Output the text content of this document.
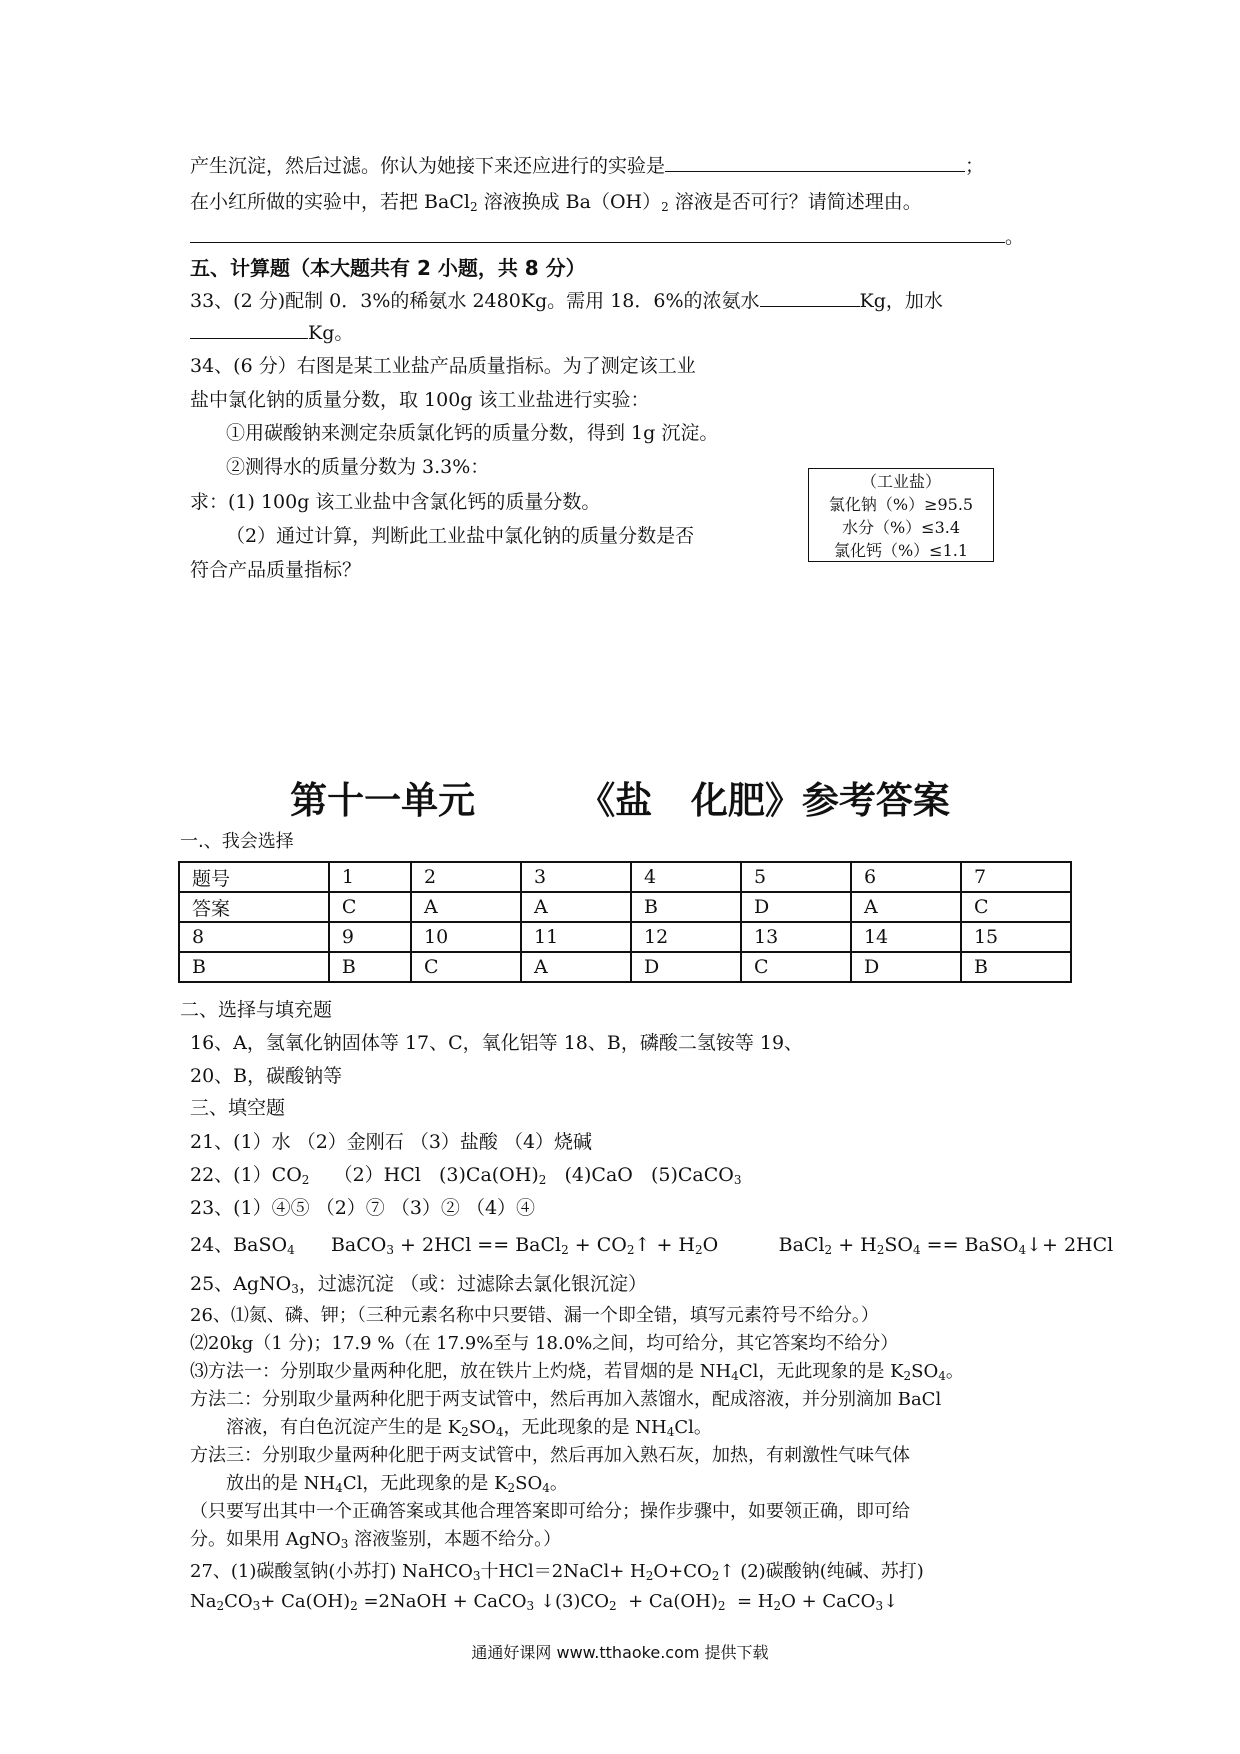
产生沉淀，然后过滤。你认为她接下来还应进行的实验是	；
在小红所做的实验中，若把 BaCl$_2$ 溶液换成 $Ba(OH)_2$ 溶液是否可行？请简述理由。
。
五、计算题（本大题共有 2 小题，共 8 分）
33、(2 分)配制 0．3%的稀氨水 2480Kg。需用 18．6%的浓氨水	Kg，加水
Kg。
34、(6 分）右图是某工业盐产品质量指标。为了测定该工业
盐中氯化钠的质量分数，取 100g 该工业盐进行实验：
①用碳酸钠来测定杂质氯化钙的质量分数，得到 1g 沉淀。
②测得水的质量分数为 3.3%：
求：(1) 100g 该工业盐中含氯化钙的质量分数。
（2）通过计算，判断此工业盐中氯化钠的质量分数是否
符合产品质量指标？
（工业盐）
氯化钠（%）≥95.5
水分（%）≤3.4
氯化钙（%）≤1.1
第十一单元        《盐   化肥》参考答案
一.、我会选择
题号	1	2	3	4	5	6	7
答案	C	A	A	B	D	A	C
8	9	10	11	12	13	14	15
B	B	C	A	D	C	D	B
二、选择与填充题
16、A，氢氧化钠固体等 17、C，氧化铝等 18、B，磷酸二氢铵等 19、
20、B，碳酸钠等
三、填空题
21、(1）水 （2）金刚石 （3）盐酸 （4）烧碱
22、$(1)CO_2$    （2）HCl   $(3)Ca(OH)_2$   (4)CaO   (5)CaCO$_3$
23、(1）④⑤ （2）⑦ （3）② （4）④
24、BaSO$_4$      BaCO$_3$ + 2HCl == BaCl$_2$ + $CO_2↑ + H_2O$          BaCl$_2$ + $H_2SO_4$ == BaSO$_4$↓+ 2HCl
25、AgNO$_3$，过滤沉淀 （或：过滤除去氯化银沉淀）
26、⑴氮、磷、钾；（三种元素名称中只要错、漏一个即全错，填写元素符号不给分。）
⑵20kg（1 分)；17.9 %（在 17.9%至与 18.0%之间，均可给分，其它答案均不给分）
⑶方法一：分别取少量两种化肥，放在铁片上灼烧，若冒烟的是 $NH_4Cl$，无此现象的是 $K_2SO_4$。
方法二：分别取少量两种化肥于两支试管中，然后再加入蒸馏水，配成溶液，并分别滴加 BaCl
溶液，有白色沉淀产生的是 $K_2SO_4$，无此现象的是 $NH_4Cl$。
方法三：分别取少量两种化肥于两支试管中，然后再加入熟石灰，加热，有刺激性气味气体
放出的是 $NH_4Cl$，无此现象的是 $K_2SO_4$。
（只要写出其中一个正确答案或其他合理答案即可给分；操作步骤中，如要领正确，即可给
分。如果用 AgNO$_3$ 溶液鉴别，本题不给分。）
27、(1)碳酸氢钠(小苏打) NaHCO$_3$十HCl＝2NaCl+ $H_2O+CO_2↑$ (2)碳酸钠(纯碱、苏打)
$Na_2CO_3+ Ca(OH)_2$ =2NaOH + CaCO$_3$ $↓(3)CO_2 + Ca(OH)_2 = H_2O$ + CaCO$_3$↓
通通好课网 www.tthaoke.com 提供下载
